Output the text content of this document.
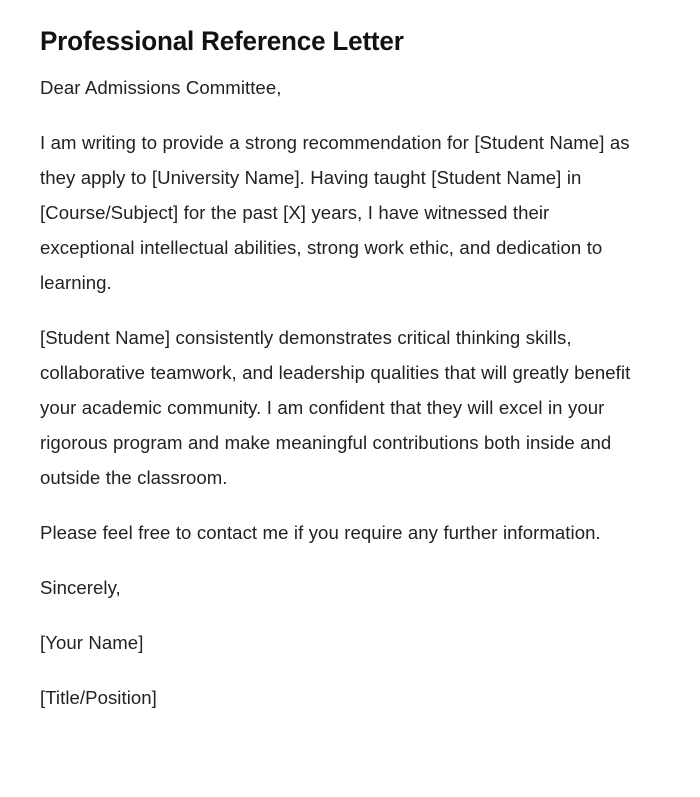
Professional Reference Letter

Dear Admissions Committee,

I am writing to provide a strong recommendation for [Student Name] as they apply to [University Name]. Having taught [Student Name] in [Course/Subject] for the past [X] years, I have witnessed their exceptional intellectual abilities, strong work ethic, and dedication to learning.

[Student Name] consistently demonstrates critical thinking skills, collaborative teamwork, and leadership qualities that will greatly benefit your academic community. I am confident that they will excel in your rigorous program and make meaningful contributions both inside and outside the classroom.

Please feel free to contact me if you require any further information.

Sincerely,

[Your Name]

[Title/Position]
